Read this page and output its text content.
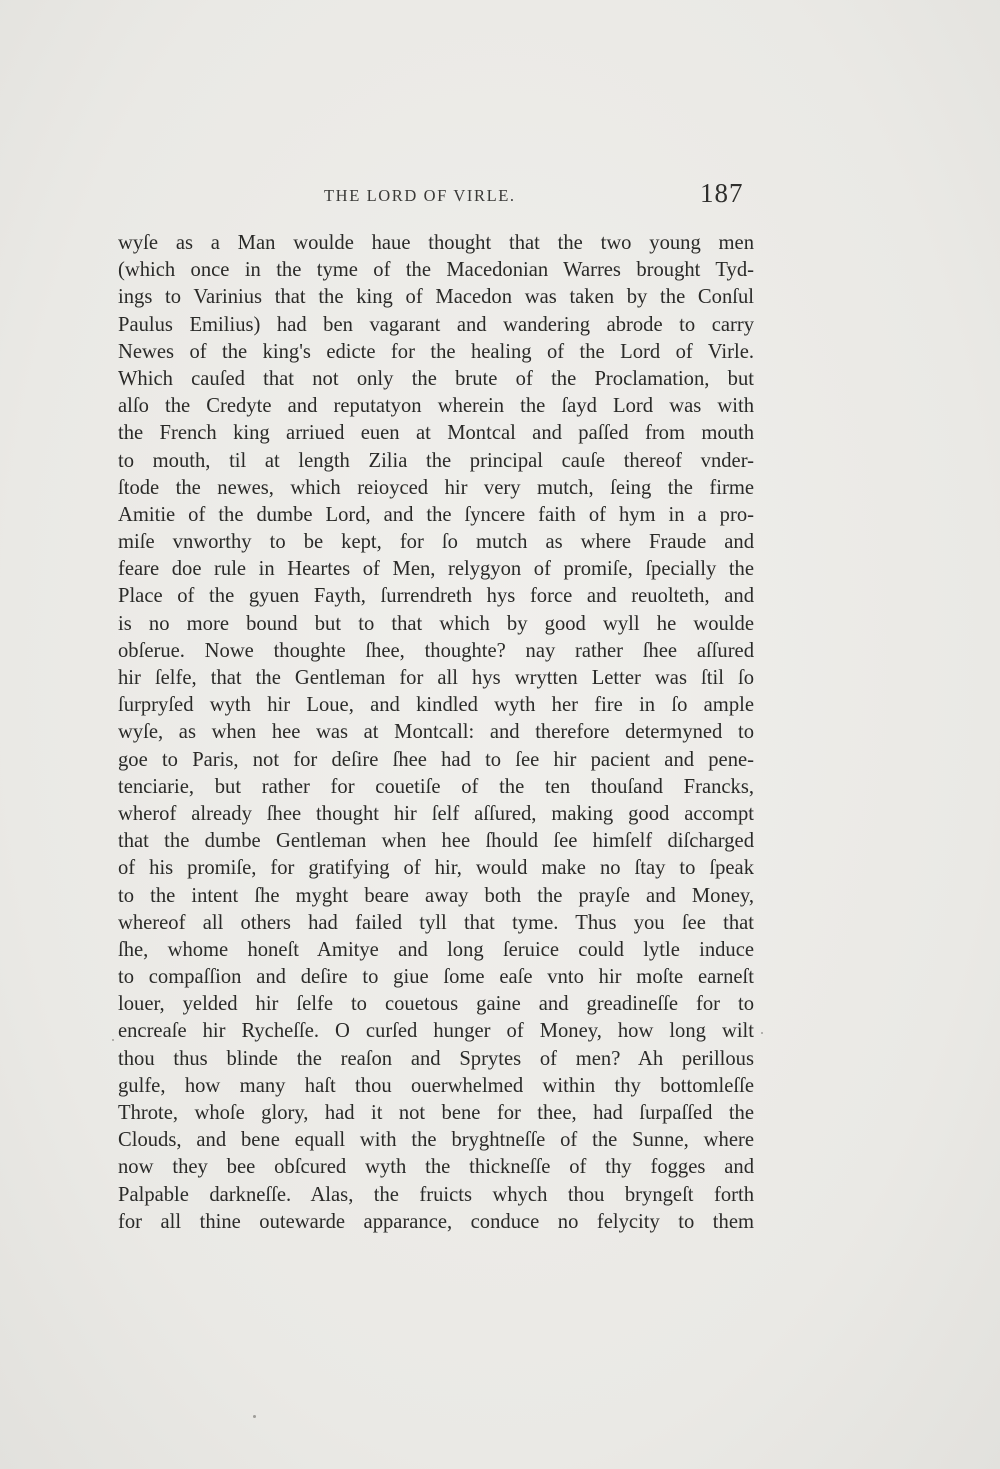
THE LORD OF VIRLE.	187
wyſe as a Man woulde haue thought that the two young men
(which once in the tyme of the Macedonian Warres brought Tyd-
ings to Varinius that the king of Macedon was taken by the Conſul
Paulus Emilius) had ben vagarant and wandering abrode to carry
Newes of the king's edicte for the healing of the Lord of Virle.
Which cauſed that not only the brute of the Proclamation, but
alſo the Credyte and reputatyon wherein the ſayd Lord was with
the French king arriued euen at Montcal and paſſed from mouth
to mouth, til at length Zilia the principal cauſe thereof vnder-
ſtode the newes, which reioyced hir very mutch, ſeing the firme
Amitie of the dumbe Lord, and the ſyncere faith of hym in a pro-
miſe vnworthy to be kept, for ſo mutch as where Fraude and
feare doe rule in Heartes of Men, relygyon of promiſe, ſpecially the
Place of the gyuen Fayth, ſurrendreth hys force and reuolteth, and
is no more bound but to that which by good wyll he woulde
obſerue. Nowe thoughte ſhee, thoughte? nay rather ſhee aſſured
hir ſelfe, that the Gentleman for all hys wrytten Letter was ſtil ſo
ſurpryſed wyth hir Loue, and kindled wyth her fire in ſo ample
wyſe, as when hee was at Montcall: and therefore determyned to
goe to Paris, not for deſire ſhee had to ſee hir pacient and pene-
tenciarie, but rather for couetiſe of the ten thouſand Francks,
wherof already ſhee thought hir ſelf aſſured, making good accompt
that the dumbe Gentleman when hee ſhould ſee himſelf diſcharged
of his promiſe, for gratifying of hir, would make no ſtay to ſpeak
to the intent ſhe myght beare away both the prayſe and Money,
whereof all others had failed tyll that tyme. Thus you ſee that
ſhe, whome honeſt Amitye and long ſeruice could lytle induce
to compaſſion and deſire to giue ſome eaſe vnto hir moſte earneſt
louer, yelded hir ſelfe to couetous gaine and greadineſſe for to
encreaſe hir Rycheſſe. O curſed hunger of Money, how long wilt
thou thus blinde the reaſon and Sprytes of men? Ah perillous
gulfe, how many haſt thou ouerwhelmed within thy bottomleſſe
Throte, whoſe glory, had it not bene for thee, had ſurpaſſed the
Clouds, and bene equall with the bryghtneſſe of the Sunne, where
now they bee obſcured wyth the thickneſſe of thy fogges and
Palpable darkneſſe. Alas, the fruicts whych thou bryngeſt forth
for all thine outewarde apparance, conduce no felycity to them
